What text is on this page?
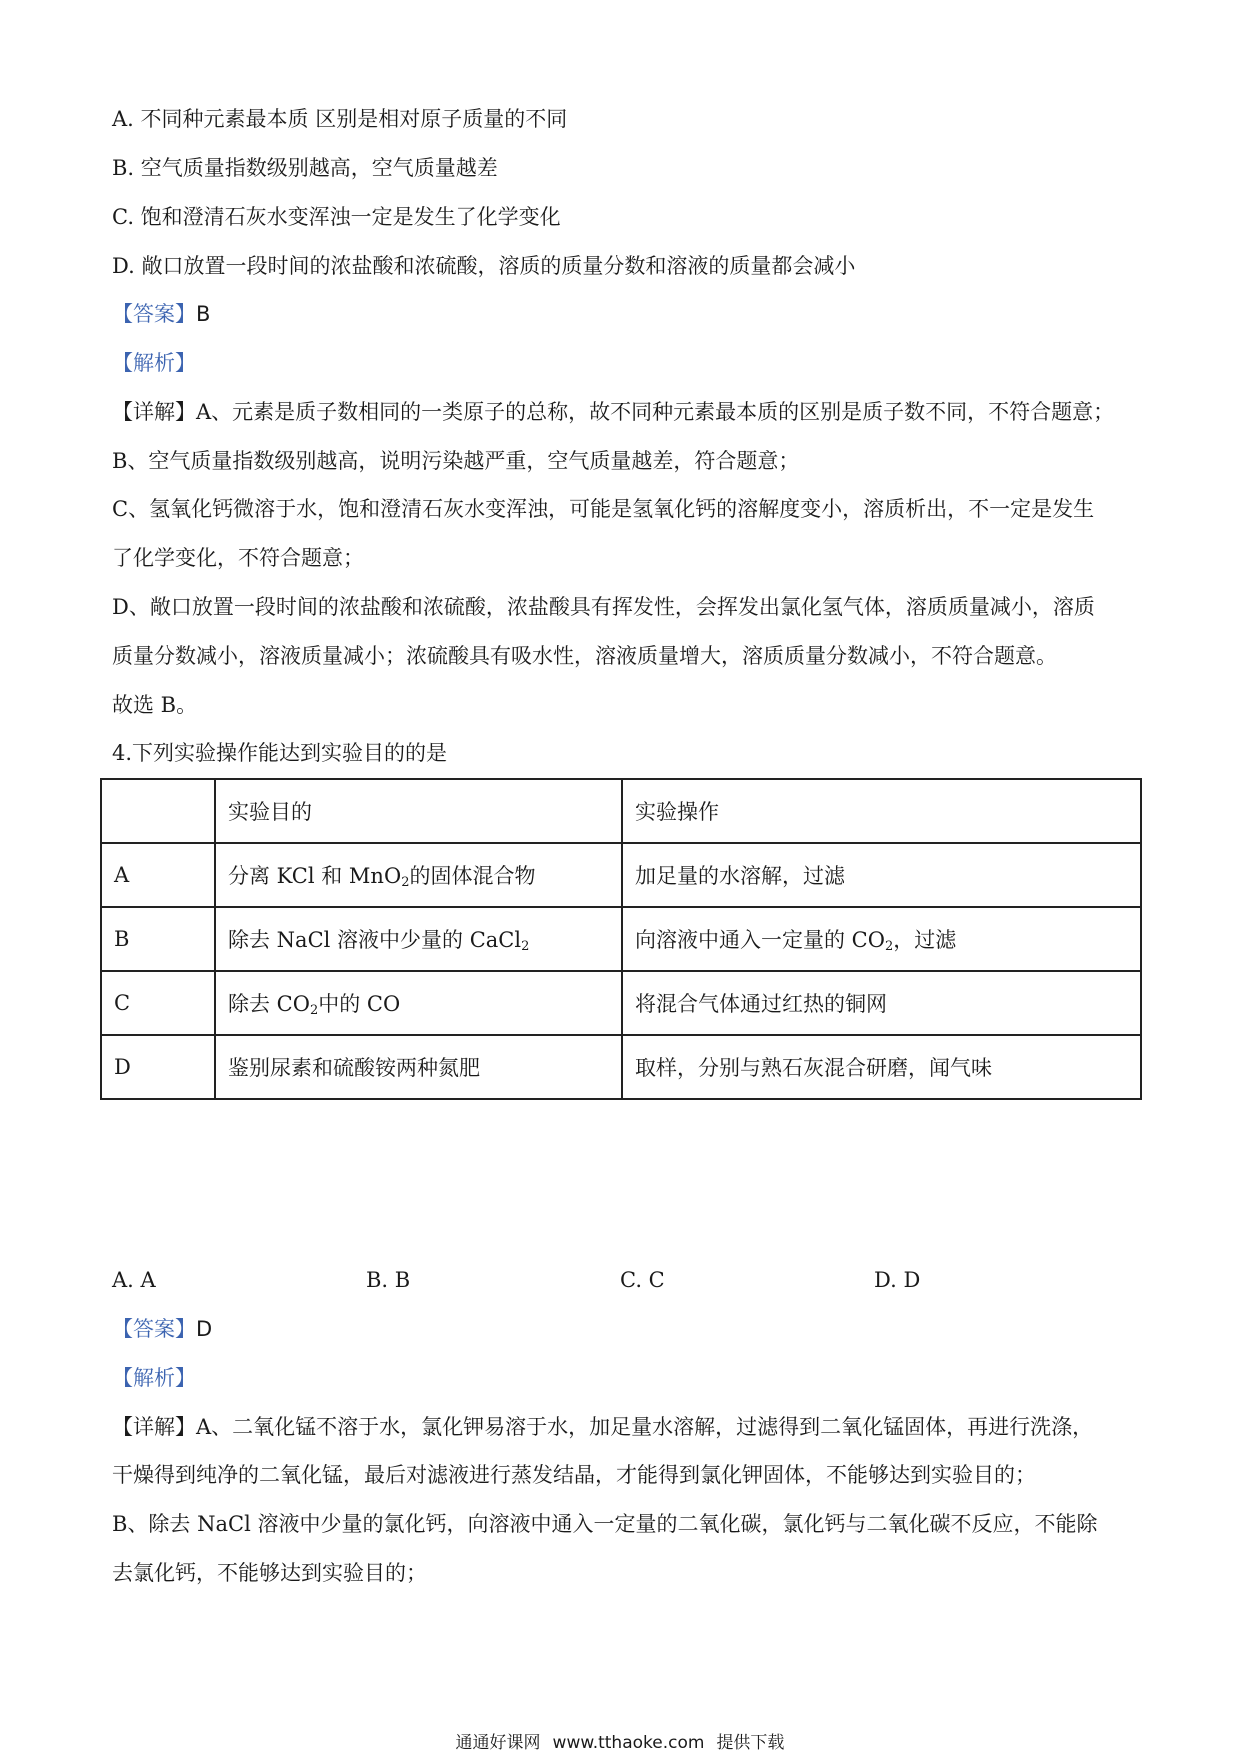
A. 不同种元素最本质 区别是相对原子质量的不同
B. 空气质量指数级别越高，空气质量越差
C. 饱和澄清石灰水变浑浊一定是发生了化学变化
D. 敞口放置一段时间的浓盐酸和浓硫酸，溶质的质量分数和溶液的质量都会减小
【答案】B
【解析】
【详解】A、元素是质子数相同的一类原子的总称，故不同种元素最本质的区别是质子数不同，不符合题意；
B、空气质量指数级别越高，说明污染越严重，空气质量越差，符合题意；
C、氢氧化钙微溶于水，饱和澄清石灰水变浑浊，可能是氢氧化钙的溶解度变小，溶质析出，不一定是发生
了化学变化，不符合题意；
D、敞口放置一段时间的浓盐酸和浓硫酸，浓盐酸具有挥发性，会挥发出氯化氢气体，溶质质量减小，溶质
质量分数减小，溶液质量减小；浓硫酸具有吸水性，溶液质量增大，溶质质量分数减小，不符合题意。
故选 B。
4.下列实验操作能达到实验目的的是
	实验目的	实验操作
A	分离 KCl 和 MnO$_2$的固体混合物	加足量的水溶解，过滤
B	除去 NaCl 溶液中少量的 CaCl$_2$	向溶液中通入一定量的 $CO_2$，过滤
C	除去 $CO_2$中的 CO	将混合气体通过红热的铜网
D	鉴别尿素和硫酸铵两种氮肥	取样，分别与熟石灰混合研磨，闻气味
A. A	B. B	C. C	D. D
【答案】D
【解析】
【详解】A、二氧化锰不溶于水，氯化钾易溶于水，加足量水溶解，过滤得到二氧化锰固体，再进行洗涤，
干燥得到纯净的二氧化锰，最后对滤液进行蒸发结晶，才能得到氯化钾固体，不能够达到实验目的；
B、除去 NaCl 溶液中少量的氯化钙，向溶液中通入一定量的二氧化碳，氯化钙与二氧化碳不反应，不能除
去氯化钙，不能够达到实验目的；
通通好课网 www.tthaoke.com 提供下载
